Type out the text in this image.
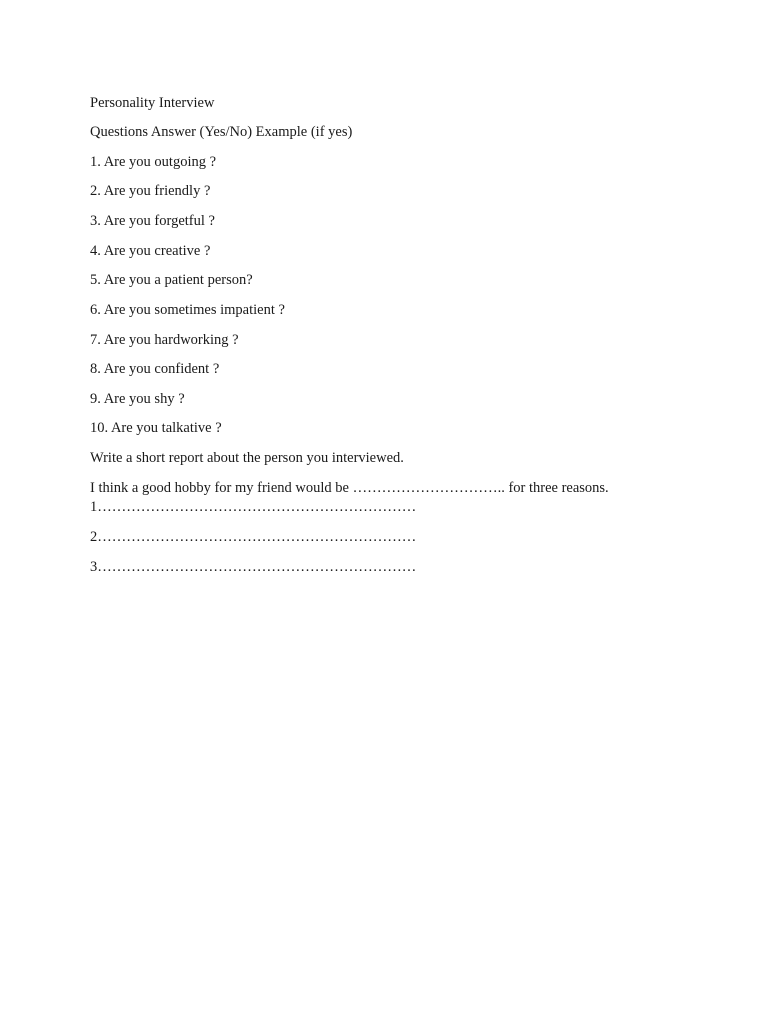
Personality Interview
Questions Answer (Yes/No) Example (if yes)
1. Are you outgoing ?
2. Are you friendly ?
3. Are you forgetful ?
4. Are you creative ?
5. Are you a patient person?
6. Are you sometimes impatient ?
7. Are you hardworking ?
8. Are you confident ?
9. Are you shy ?
10. Are you talkative ?
Write a short report about the person you interviewed.
I think a good hobby for my friend would be ………………………….. for three reasons.
1…………………………………………………………
2…………………………………………………………
3…………………………………………………………
